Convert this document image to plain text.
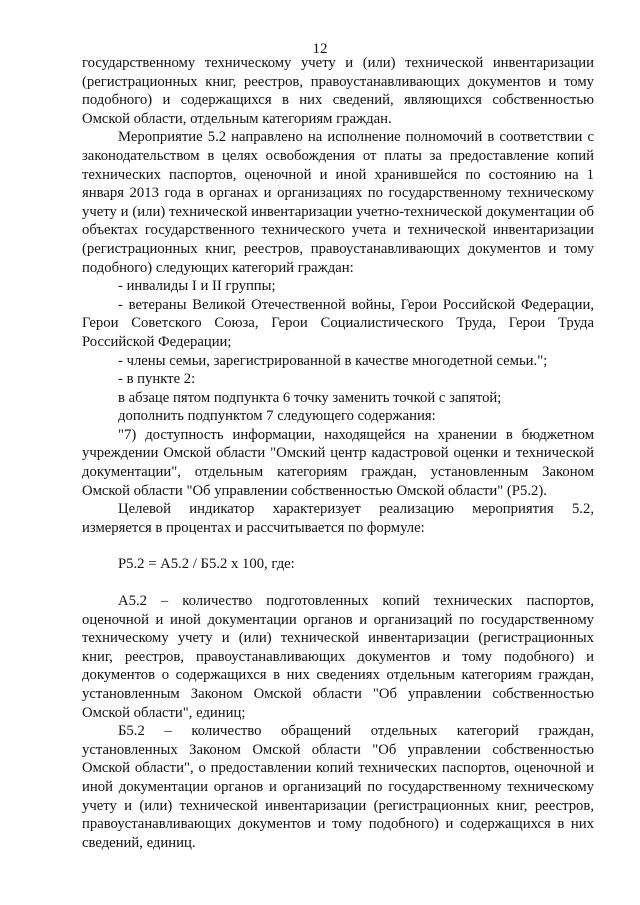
12

государственному техническому учету и (или) технической инвентаризации (регистрационных книг, реестров, правоустанавливающих документов и тому подобного) и содержащихся в них сведений, являющихся собственностью Омской области, отдельным категориям граждан.

Мероприятие 5.2 направлено на исполнение полномочий в соответствии с законодательством в целях освобождения от платы за предоставление копий технических паспортов, оценочной и иной хранившейся по состоянию на 1 января 2013 года в органах и организациях по государственному техническому учету и (или) технической инвентаризации учетно-технической документации об объектах государственного технического учета и технической инвентаризации (регистрационных книг, реестров, правоустанавливающих документов и тому подобного) следующих категорий граждан:

- инвалиды I и II группы;

- ветераны Великой Отечественной войны, Герои Российской Федерации, Герои Советского Союза, Герои Социалистического Труда, Герои Труда Российской Федерации;

- члены семьи, зарегистрированной в качестве многодетной семьи.";

- в пункте 2:

в абзаце пятом подпункта 6 точку заменить точкой с запятой;

дополнить подпунктом 7 следующего содержания:

"7) доступность информации, находящейся на хранении в бюджетном учреждении Омской области "Омский центр кадастровой оценки и технической документации", отдельным категориям граждан, установленным Законом Омской области "Об управлении собственностью Омской области" (Р5.2).

Целевой индикатор характеризует реализацию мероприятия 5.2, измеряется в процентах и рассчитывается по формуле:

Р5.2 = А5.2 / Б5.2 х 100, где:

А5.2 – количество подготовленных копий технических паспортов, оценочной и иной документации органов и организаций по государственному техническому учету и (или) технической инвентаризации (регистрационных книг, реестров, правоустанавливающих документов и тому подобного) и документов о содержащихся в них сведениях отдельным категориям граждан, установленным Законом Омской области "Об управлении собственностью Омской области", единиц;

Б5.2 – количество обращений отдельных категорий граждан, установленных Законом Омской области "Об управлении собственностью Омской области", о предоставлении копий технических паспортов, оценочной и иной документации органов и организаций по государственному техническому учету и (или) технической инвентаризации (регистрационных книг, реестров, правоустанавливающих документов и тому подобного) и содержащихся в них сведений, единиц.
